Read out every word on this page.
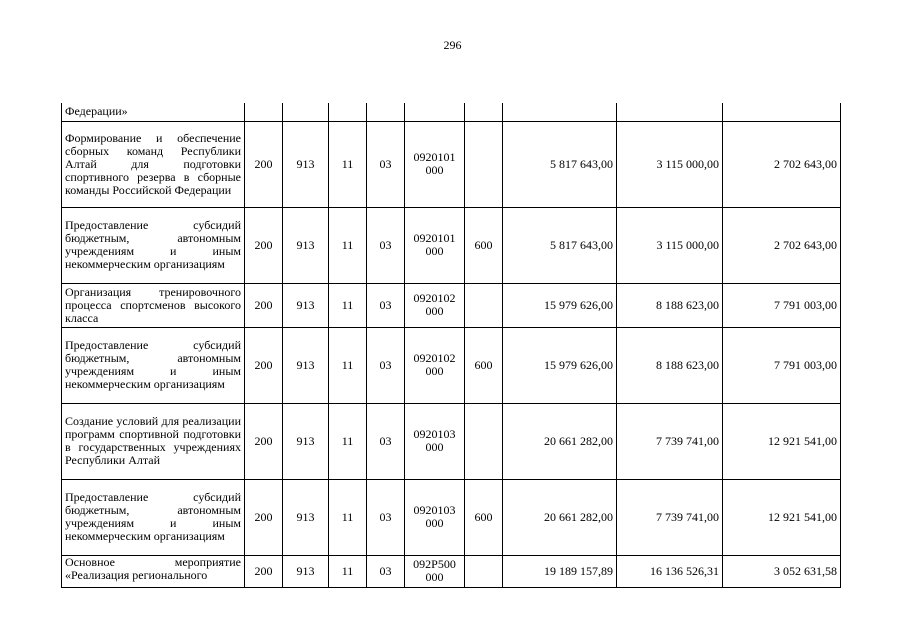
296
Федерации»									
Формирование и обеспечение сборных команд Республики Алтай для подготовки спортивного резерва в сборные команды Российской Федерации	200	913	11	03	0920101 000		5 817 643,00	3 115 000,00	2 702 643,00
Предоставление субсидий бюджетным, автономным учреждениям и иным некоммерческим организациям	200	913	11	03	0920101 000	600	5 817 643,00	3 115 000,00	2 702 643,00
Организация тренировочного процесса спортсменов высокого класса	200	913	11	03	0920102 000		15 979 626,00	8 188 623,00	7 791 003,00
Предоставление субсидий бюджетным, автономным учреждениям и иным некоммерческим организациям	200	913	11	03	0920102 000	600	15 979 626,00	8 188 623,00	7 791 003,00
Создание условий для реализации программ спортивной подготовки в государственных учреждениях Республики Алтай	200	913	11	03	0920103 000		20 661 282,00	7 739 741,00	12 921 541,00
Предоставление субсидий бюджетным, автономным учреждениям и иным некоммерческим организациям	200	913	11	03	0920103 000	600	20 661 282,00	7 739 741,00	12 921 541,00
Основное мероприятие «Реализация регионального	200	913	11	03	092P500 000		19 189 157,89	16 136 526,31	3 052 631,58
